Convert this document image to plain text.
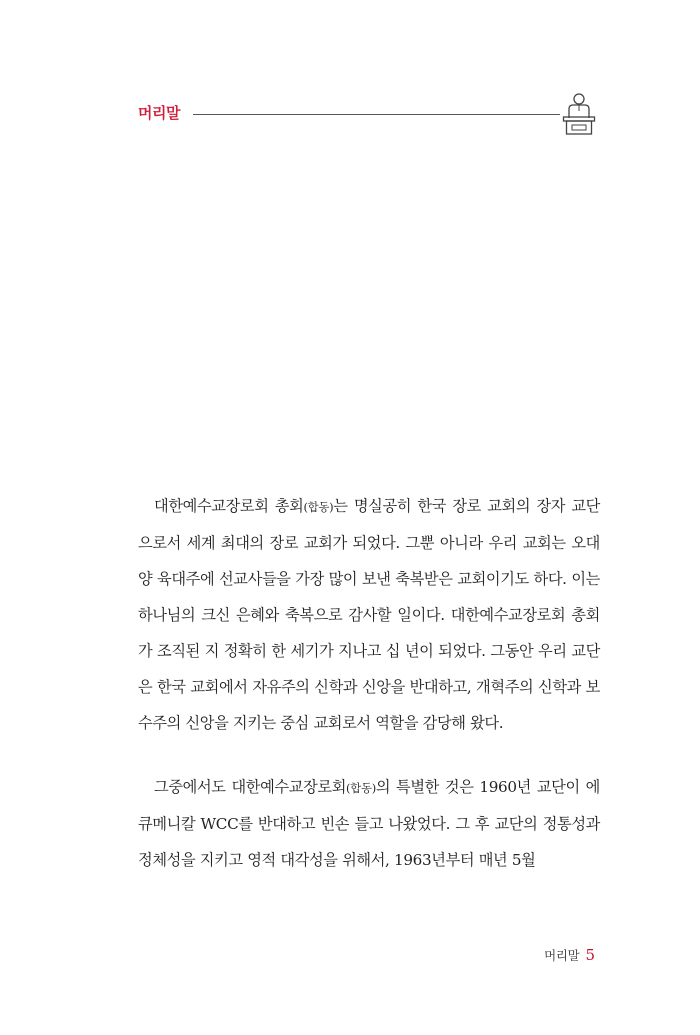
머리말

대한예수교장로회 총회(합동)는 명실공히 한국 장로 교회의 장자 교단으로서 세계 최대의 장로 교회가 되었다. 그뿐 아니라 우리 교회는 오대양 육대주에 선교사들을 가장 많이 보낸 축복받은 교회이기도 하다. 이는 하나님의 크신 은혜와 축복으로 감사할 일이다. 대한예수교장로회 총회가 조직된 지 정확히 한 세기가 지나고 십 년이 되었다. 그동안 우리 교단은 한국 교회에서 자유주의 신학과 신앙을 반대하고, 개혁주의 신학과 보수주의 신앙을 지키는 중심 교회로서 역할을 감당해 왔다.

그중에서도 대한예수교장로회(합동)의 특별한 것은 1960년 교단이 에큐메니칼 WCC를 반대하고 빈손 들고 나왔었다. 그 후 교단의 정통성과 정체성을 지키고 영적 대각성을 위해서, 1963년부터 매년 5월

머리말 5
